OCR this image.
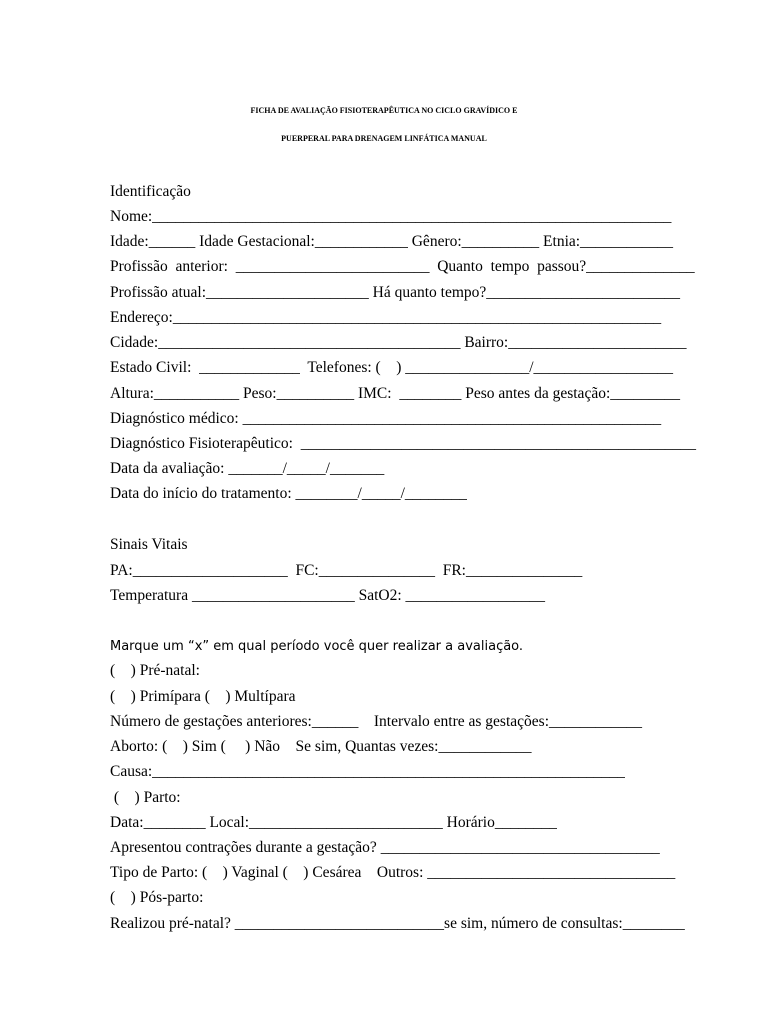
FICHA DE AVALIAÇÃO FISIOTERAPÊUTICA NO CICLO GRAVÍDICO E
PUERPERAL PARA DRENAGEM LINFÁTICA MANUAL
Identificação
Nome:___________________________________________________________________
Idade:______ Idade Gestacional:____________ Gênero:__________ Etnia:____________
Profissão  anterior:  _________________________  Quanto  tempo  passou?______________
Profissão atual:_____________________ Há quanto tempo?_________________________
Endereço:_______________________________________________________________
Cidade:_______________________________________ Bairro:_______________________
Estado Civil:  _____________  Telefones: (    ) ________________/__________________
Altura:___________ Peso:__________ IMC:  ________ Peso antes da gestação:_________
Diagnóstico médico: ______________________________________________________
Diagnóstico Fisioterapêutico:  ___________________________________________________
Data da avaliação: _______/_____/_______
Data do início do tratamento: ________/_____/________
Sinais Vitais
PA:____________________  FC:_______________  FR:_______________
Temperatura _____________________ SatO2: __________________
Marque um “x” em qual período você quer realizar a avaliação.
(    ) Pré-natal:
(    ) Primípara (    ) Multípara
Número de gestações anteriores:______    Intervalo entre as gestações:____________
Aborto: (    ) Sim (     ) Não    Se sim, Quantas vezes:____________
Causa:_____________________________________________________________
(    ) Parto:
Data:________ Local:_________________________ Horário________
Apresentou contrações durante a gestação? ____________________________________
Tipo de Parto: (    ) Vaginal (    ) Cesárea    Outros: ________________________________
(    ) Pós-parto:
Realizou pré-natal? ___________________________se sim, número de consultas:________
